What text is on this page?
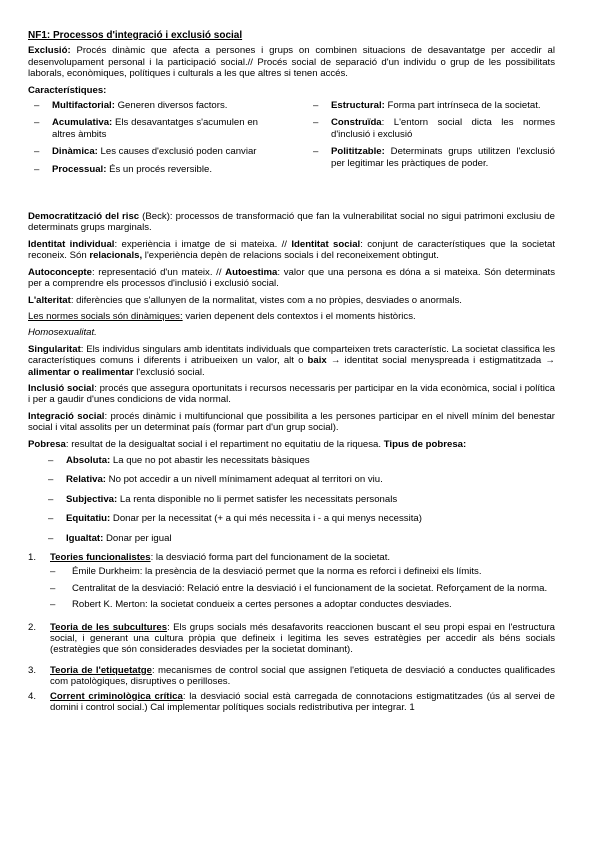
NF1: Processos d'integració i exclusió social

Exclusió: Procés dinàmic que afecta a persones i grups on combinen situacions de desavantatge per accedir al desenvolupament personal i la participació social.// Procés social de separació d'un individu o grup de les possibilitats laborals, econòmiques, polítiques i culturals a les que altres si tenen accés.

Característiques:
–	Multifactorial: Generen diversos factors.
–	Acumulativa: Els desavantatges s'acumulen en altres àmbits
–	Dinàmica: Les causes d'exclusió poden canviar
–	Processual: És un procés reversible.
–	Estructural: Forma part intrínseca de la societat.
–	Construïda: L'entorn social dicta les normes d'inclusió i exclusió
–	Polititzable: Determinats grups utilitzen l'exclusió per legitimar les pràctiques de poder.

Democratització del risc (Beck): processos de transformació que fan la vulnerabilitat social no sigui patrimoni exclusiu de determinats grups marginals.

Identitat individual: experiència i imatge de si mateixa. // Identitat social: conjunt de característiques que la societat reconeix. Són relacionals, l'experiència depèn de relacions socials i del reconeixement obtingut.

Autoconcepte: representació d'un mateix. // Autoestima: valor que una persona es dóna a si mateixa. Són determinats per a comprendre els processos d'inclusió i exclusió social.

L'alteritat: diferències que s'allunyen de la normalitat, vistes com a no pròpies, desviades o anormals.

Les normes socials són dinàmiques: varien depenent dels contextos i el moments històrics.

Homosexualitat.

Singularitat: Els individus singulars amb identitats individuals que comparteixen trets característic. La societat classifica les característiques comuns i diferents i atribueixen un valor, alt o baix → identitat social menyspreada i estigmatitzada → alimentar o realimentar l'exclusió social.

Inclusió social: procés que assegura oportunitats i recursos necessaris per participar en la vida econòmica, social i política i per a gaudir d'unes condicions de vida normal.

Integració social: procés dinàmic i multifuncional que possibilita a les persones participar en el nivell mínim del benestar social i vital assolits per un determinat país (formar part d'un grup social).

Pobresa: resultat de la desigualtat social i el repartiment no equitatiu de la riquesa. Tipus de pobresa:

–	Absoluta: La que no pot abastir les necessitats bàsiques
–	Relativa: No pot accedir a un nivell mínimament adequat al territori on viu.
–	Subjectiva: La renta disponible no li permet satisfer les necessitats personals
–	Equitatiu: Donar per la necessitat (+ a qui més necessita i - a qui menys necessita)
–	Igualtat: Donar per igual
1.	Teories funcionalistes: la desviació forma part del funcionament de la societat.
–	Émile Durkheim: la presència de la desviació permet que la norma es reforci i defineixi els límits.
–	Centralitat de la desviació: Relació entre la desviació i el funcionament de la societat. Reforçament de la norma.
–	Robert K. Merton: la societat condueix a certes persones a adoptar conductes desviades.
2.	Teoria de les subcultures: Els grups socials més desafavorits reaccionen buscant el seu propi espai en l'estructura social, i generant una cultura pròpia que defineix i legitima les seves estratègies per accedir als béns socials (estratègies que són considerades desviades per la societat dominant).
3.	Teoria de l'etiquetatge: mecanismes de control social que assignen l'etiqueta de desviació a conductes qualificades com patològiques, disruptives o perilloses.
4.	Corrent criminològica crítica: la desviació social està carregada de connotacions estigmatitzades (ús al servei de domini i control social.) Cal implementar polítiques socials redistributiva per integrar. 1
